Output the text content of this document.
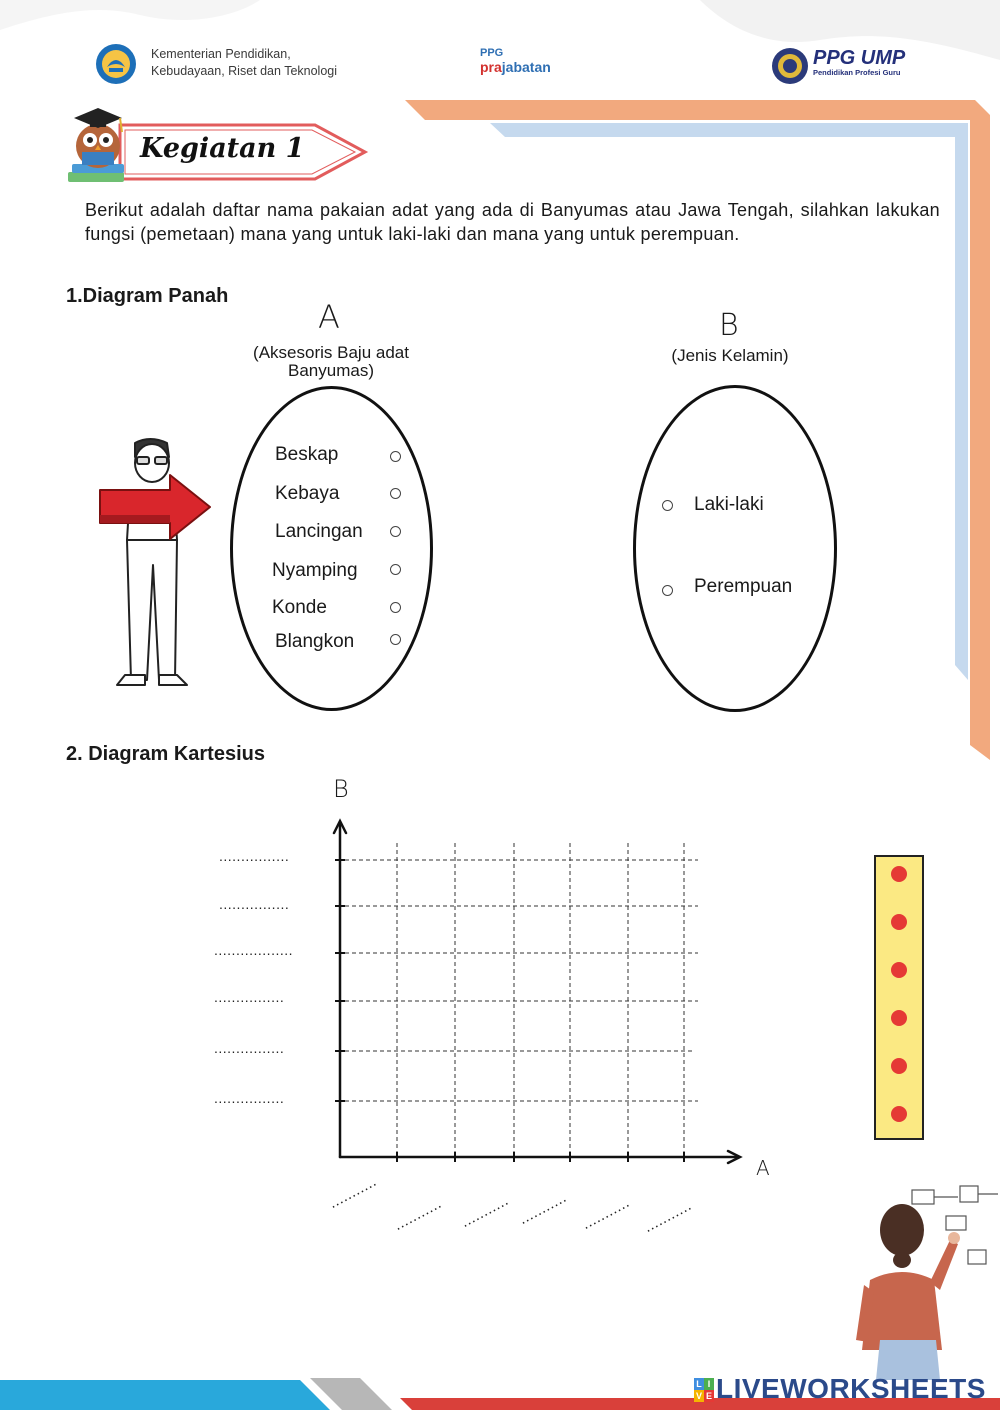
Kementerian Pendidikan,
Kebudayaan, Riset dan Teknologi
PPG
prajabatan	PPG UMP
Pendidikan Profesi Guru
Kegiatan 1
Berikut adalah daftar nama pakaian adat yang ada di Banyumas atau Jawa Tengah, silahkan lakukan fungsi (pemetaan) mana yang untuk laki-laki dan mana yang untuk perempuan.
1.Diagram Panah
A
(Aksesoris Baju adat
Banyumas)
B
(Jenis Kelamin)
Beskap
Kebaya
Lancingan
Nyamping
Konde
Blangkon
Laki-laki
Perempuan
2. Diagram Kartesius
B
A
................
................
..................
................
................
................
...........
........... ........... ........... ........... ...........
L I
V E LIVEWORKSHEETS
